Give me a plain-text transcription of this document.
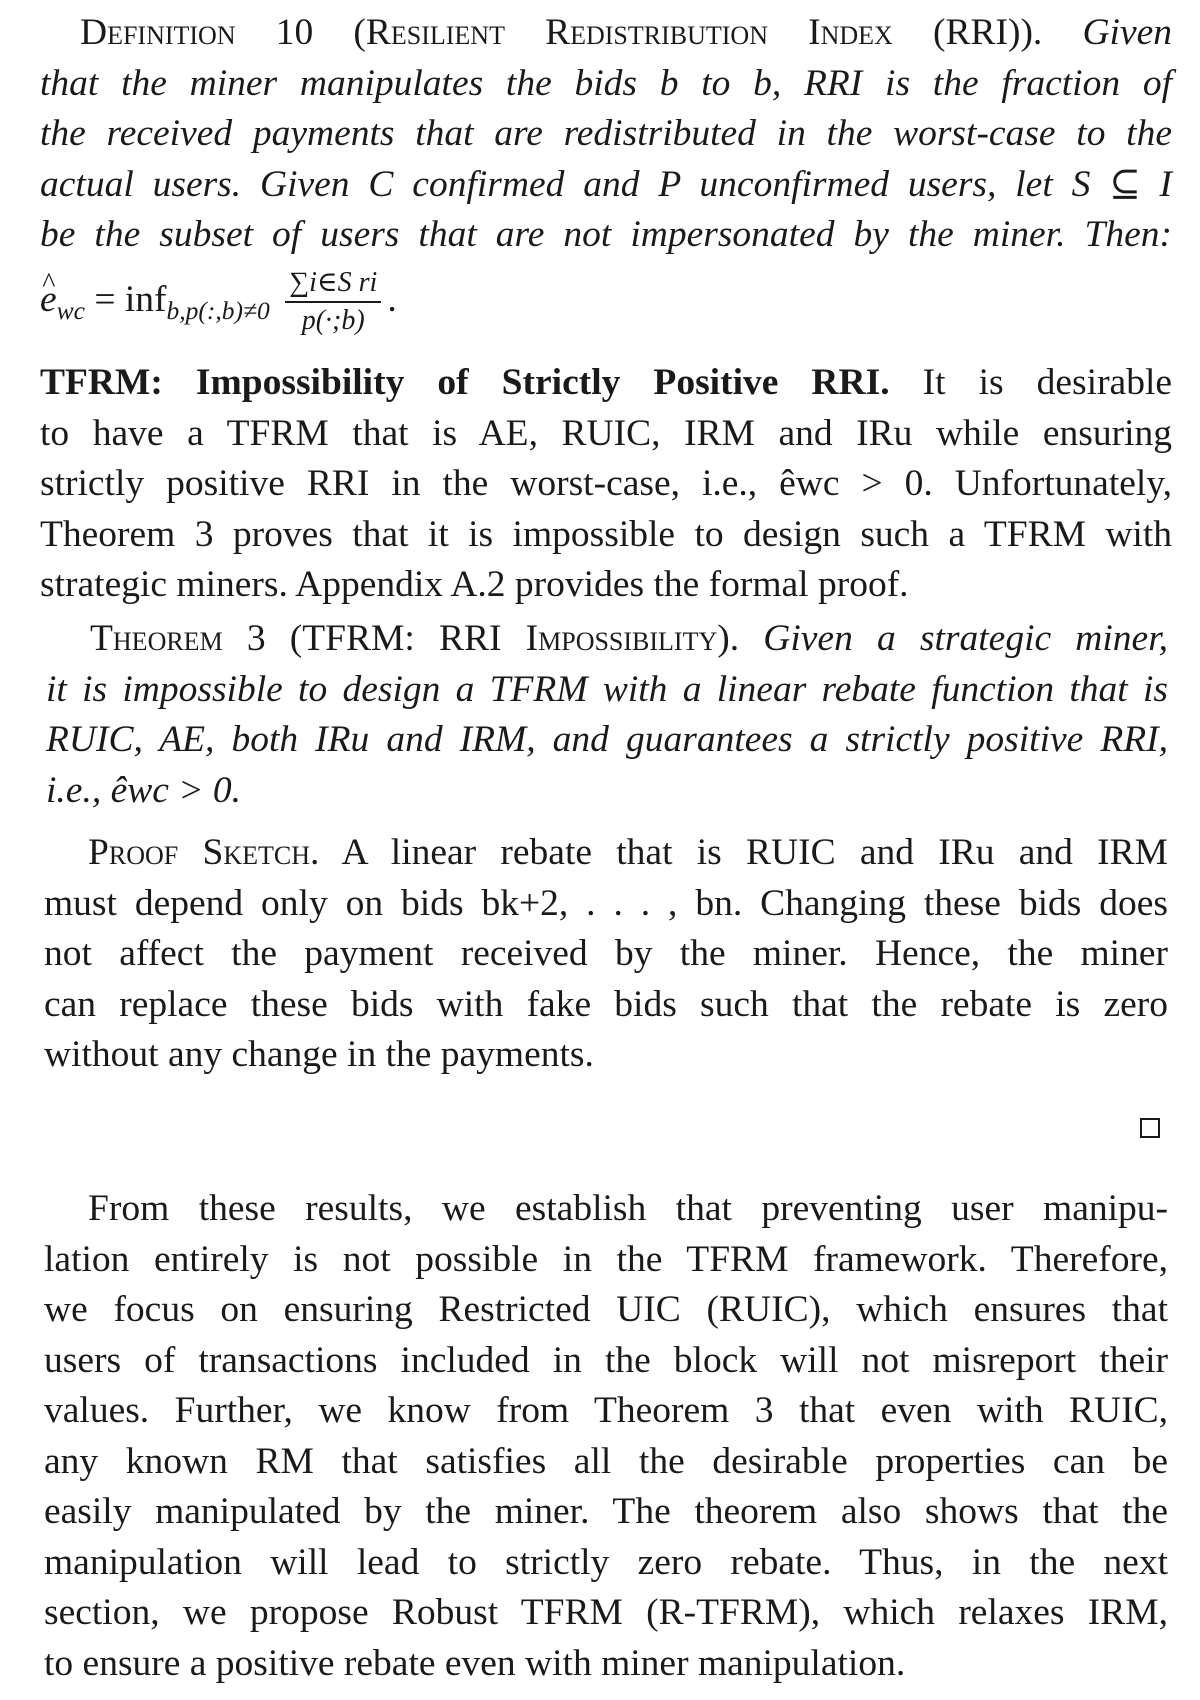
Definition 10 (Resilient Redistribution Index (RRI)). Given
that the miner manipulates the bids b to b, RRI is the fraction of
the received payments that are redistributed in the worst-case to the
actual users. Given C confirmed and P unconfirmed users, let S ⊆ I
be the subset of users that are not impersonated by the miner. Then:
e $\^{}_{wc} = inf_{b,p(:,b)\ne 0} \frac{\text{∑i∈S ri}}{p(\cdot;b)}$ .
TFRM: Impossibility of Strictly Positive RRI. It is desirable
to have a TFRM that is AE, RUIC, IRM and IRu while ensuring
strictly positive RRI in the worst-case, i.e., êwc > 0. Unfortunately,
Theorem 3 proves that it is impossible to design such a TFRM with
strategic miners. Appendix A.2 provides the formal proof.
Theorem 3 (TFRM: RRI Impossibility). Given a strategic miner,
it is impossible to design a TFRM with a linear rebate function that is
RUIC, AE, both IRu and IRM, and guarantees a strictly positive RRI,
i.e., êwc > 0.
Proof Sketch. A linear rebate that is RUIC and IRu and IRM
must depend only on bids bk+2, . . . , bn. Changing these bids does
not affect the payment received by the miner. Hence, the miner
can replace these bids with fake bids such that the rebate is zero
without any change in the payments.
From these results, we establish that preventing user manipu-
lation entirely is not possible in the TFRM framework. Therefore,
we focus on ensuring Restricted UIC (RUIC), which ensures that
users of transactions included in the block will not misreport their
values. Further, we know from Theorem 3 that even with RUIC,
any known RM that satisfies all the desirable properties can be
easily manipulated by the miner. The theorem also shows that the
manipulation will lead to strictly zero rebate. Thus, in the next
section, we propose Robust TFRM (R-TFRM), which relaxes IRM,
to ensure a positive rebate even with miner manipulation.
